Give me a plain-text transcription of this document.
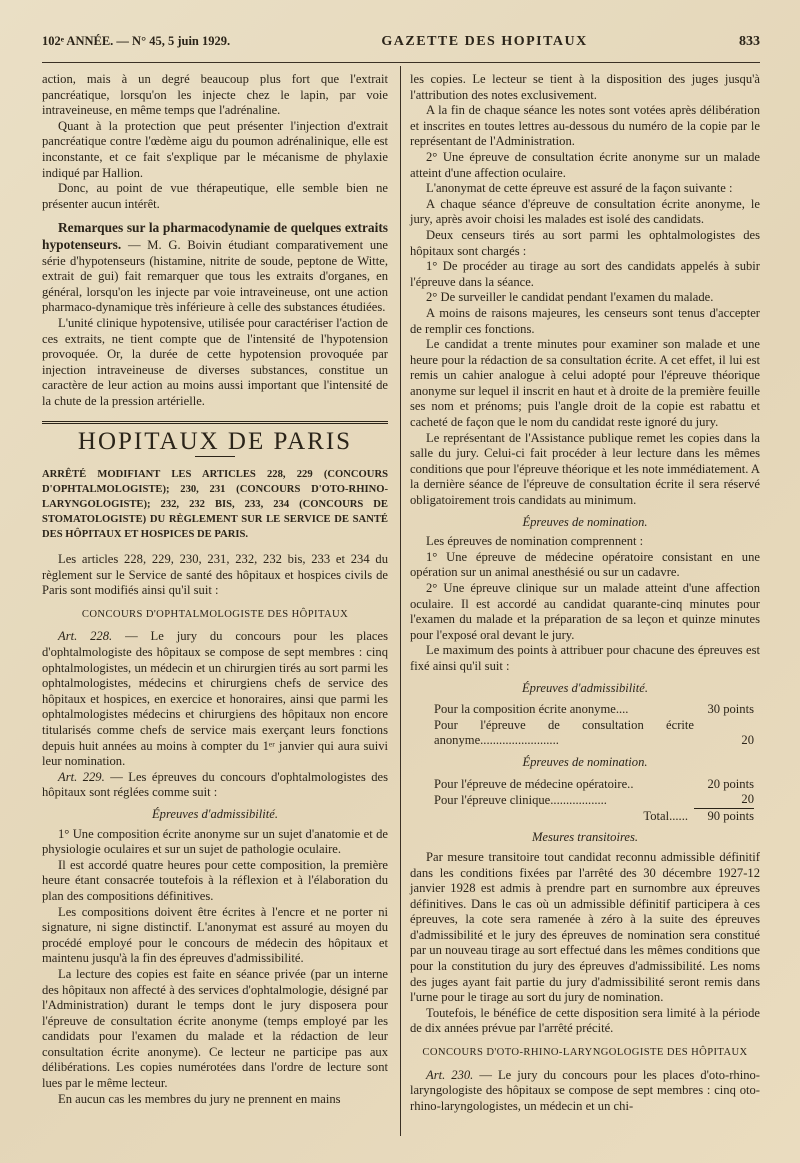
102ᵉ ANNÉE. — N° 45, 5 juin 1929.	GAZETTE DES HOPITAUX	833

action, mais à un degré beaucoup plus fort que l'extrait pancréatique, lorsqu'on les injecte chez le lapin, par voie intraveineuse, en même temps que l'adrénaline.

Quant à la protection que peut présenter l'injection d'extrait pancréatique contre l'œdème aigu du poumon adrénalinique, elle est inconstante, et ce fait s'explique par le mécanisme de phylaxie indiqué par Hallion.

Donc, au point de vue thérapeutique, elle semble bien ne présenter aucun intérêt.

Remarques sur la pharmacodynamie de quelques extraits hypotenseurs. — M. G. Boivin étudiant comparativement une série d'hypotenseurs (histamine, nitrite de soude, peptone de Witte, extrait de gui) fait remarquer que tous les extraits d'organes, en général, lorsqu'on les injecte par voie intraveineuse, ont une action pharmaco-dynamique très inférieure à celle des substances étudiées.

L'unité clinique hypotensive, utilisée pour caractériser l'action de ces extraits, ne tient compte que de l'intensité de l'hypotension provoquée. Or, la durée de cette hypotension provoquée par injection intraveineuse de diverses substances, constitue un caractère de leur action au moins aussi important que l'intensité de la chute de la pression artérielle.

HOPITAUX DE PARIS
ARRÊTÉ MODIFIANT LES ARTICLES 228, 229 (CONCOURS D'OPHTALMOLOGISTE); 230, 231 (CONCOURS D'OTO-RHINO-LARYNGOLOGISTE); 232, 232 BIS, 233, 234 (CONCOURS DE STOMATOLOGISTE) DU RÈGLEMENT SUR LE SERVICE DE SANTÉ DES HÔPITAUX ET HOSPICES DE PARIS.

Les articles 228, 229, 230, 231, 232, 232 bis, 233 et 234 du règlement sur le Service de santé des hôpitaux et hospices civils de Paris sont modifiés ainsi qu'il suit :

CONCOURS D'OPHTALMOLOGISTE DES HÔPITAUX

Art. 228. — Le jury du concours pour les places d'ophtalmologiste des hôpitaux se compose de sept membres : cinq ophtalmologistes, un médecin et un chirurgien tirés au sort parmi les ophtalmologistes, médecins et chirurgiens chefs de service des hôpitaux et hospices, en exercice et honoraires, ainsi que parmi les ophtalmologistes médecins et chirurgiens des hôpitaux non encore titularisés comme chefs de service mais exerçant leurs fonctions depuis huit années au moins à compter du 1ᵉʳ janvier qui aura suivi leur nomination.

Art. 229. — Les épreuves du concours d'ophtalmologistes des hôpitaux sont réglées comme suit :

Épreuves d'admissibilité.

1° Une composition écrite anonyme sur un sujet d'anatomie et de physiologie oculaires et sur un sujet de pathologie oculaire.

Il est accordé quatre heures pour cette composition, la première heure étant consacrée toutefois à la réflexion et à l'élaboration du plan des compositions définitives.

Les compositions doivent être écrites à l'encre et ne porter ni signature, ni signe distinctif. L'anonymat est assuré au moyen du procédé employé pour le concours de médecin des hôpitaux et maintenu jusqu'à la fin des épreuves d'admissibilité.

La lecture des copies est faite en séance privée (par un interne des hôpitaux non affecté à des services d'ophtalmologie, désigné par l'Administration) durant le temps dont le jury disposera pour l'épreuve de consultation écrite anonyme (temps employé par les candidats pour l'examen du malade et la rédaction de leur consultation écrite anonyme). Ce lecteur ne participe pas aux délibérations. Les copies numérotées dans l'ordre de lecture sont lues par le même lecteur.

En aucun cas les membres du jury ne prennent en mains

les copies. Le lecteur se tient à la disposition des juges jusqu'à l'attribution des notes exclusivement.

A la fin de chaque séance les notes sont votées après délibération et inscrites en toutes lettres au-dessous du numéro de la copie par le représentant de l'Administration.

2° Une épreuve de consultation écrite anonyme sur un malade atteint d'une affection oculaire.

L'anonymat de cette épreuve est assuré de la façon suivante :

A chaque séance d'épreuve de consultation écrite anonyme, le jury, après avoir choisi les malades est isolé des candidats.

Deux censeurs tirés au sort parmi les ophtalmologistes des hôpitaux sont chargés :

1° De procéder au tirage au sort des candidats appelés à subir l'épreuve dans la séance.

2° De surveiller le candidat pendant l'examen du malade.

A moins de raisons majeures, les censeurs sont tenus d'accepter de remplir ces fonctions.

Le candidat a trente minutes pour examiner son malade et une heure pour la rédaction de sa consultation écrite. A cet effet, il lui est remis un cahier analogue à celui adopté pour l'épreuve théorique anonyme sur lequel il inscrit en haut et à droite de la première feuille ses nom et prénoms; puis l'angle droit de la copie est rabattu et cacheté de façon que le nom du candidat reste ignoré du jury.

Le représentant de l'Assistance publique remet les copies dans la salle du jury. Celui-ci fait procéder à leur lecture dans les mêmes conditions que pour l'épreuve théorique et les note immédiatement. A la dernière séance de l'épreuve de consultation écrite il sera réservé obligatoirement trois candidats au minimum.

Épreuves de nomination.

Les épreuves de nomination comprennent :

1° Une épreuve de médecine opératoire consistant en une opération sur un animal anesthésié ou sur un cadavre.

2° Une épreuve clinique sur un malade atteint d'une affection oculaire. Il est accordé au candidat quarante-cinq minutes pour l'examen du malade et la préparation de sa leçon et quinze minutes pour l'exposé oral devant le jury.

Le maximum des points à attribuer pour chacune des épreuves est fixé ainsi qu'il suit :

Épreuves d'admissibilité.
Pour la composition écrite anonyme....	30 points
Pour l'épreuve de consultation écrite anonyme.........................	20
Épreuves de nomination.
Pour l'épreuve de médecine opératoire..	20 points
Pour l'épreuve clinique..................	20
Total......	90 points
Mesures transitoires.

Par mesure transitoire tout candidat reconnu admissible définitif dans les conditions fixées par l'arrêté des 30 décembre 1927-12 janvier 1928 est admis à prendre part en surnombre aux épreuves définitives. Dans le cas où un admissible définitif participera à ces épreuves, la cote sera ramenée à zéro à la suite des épreuves d'admissibilité et le jury des épreuves de nomination sera constitué par un nouveau tirage au sort effectué dans les mêmes conditions que pour la constitution du jury des épreuves d'admissibilité. Les noms des juges ayant fait partie du jury d'admissibilité seront remis dans l'urne pour le tirage au sort du jury de nomination.

Toutefois, le bénéfice de cette disposition sera limité à la période de dix années prévue par l'arrêté précité.

CONCOURS D'OTO-RHINO-LARYNGOLOGISTE DES HÔPITAUX

Art. 230. — Le jury du concours pour les places d'oto-rhino-laryngologiste des hôpitaux se compose de sept membres : cinq oto-rhino-laryngologistes, un médecin et un chi-
